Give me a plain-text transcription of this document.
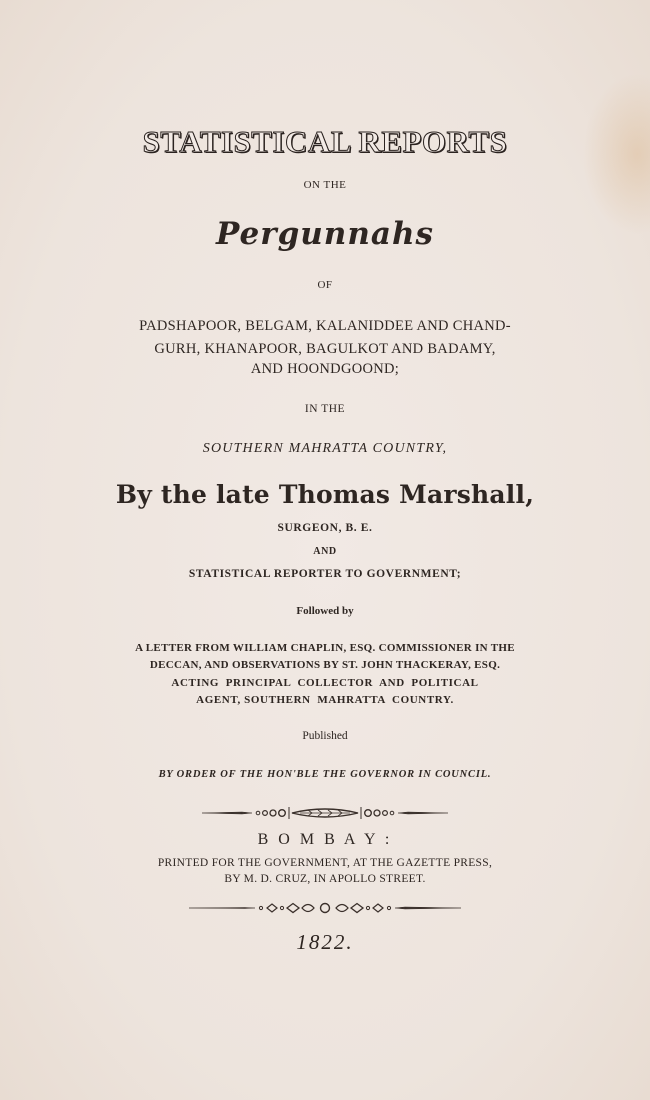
STATISTICAL REPORTS
ON THE
Pergunnahs
OF
PADSHAPOOR, BELGAM, KALANIDDEE AND CHAND-
GURH, KHANAPOOR, BAGULKOT AND BADAMY,
AND HOONDGOOND;
IN THE
SOUTHERN MAHRATTA COUNTRY,
By the late Thomas Marshall,
SURGEON, B. E.
AND
STATISTICAL REPORTER TO GOVERNMENT;
Followed by
A LETTER FROM WILLIAM CHAPLIN, ESQ. COMMISSIONER IN THE
DECCAN, AND OBSERVATIONS BY ST. JOHN THACKERAY, ESQ.
ACTING  PRINCIPAL  COLLECTOR  AND  POLITICAL
AGENT, SOUTHERN  MAHRATTA  COUNTRY.
Published
BY ORDER OF THE HON'BLE THE GOVERNOR IN COUNCIL.
B O M B A Y :
PRINTED FOR THE GOVERNMENT, AT THE GAZETTE PRESS,
BY M. D. CRUZ, IN APOLLO STREET.
1822.
